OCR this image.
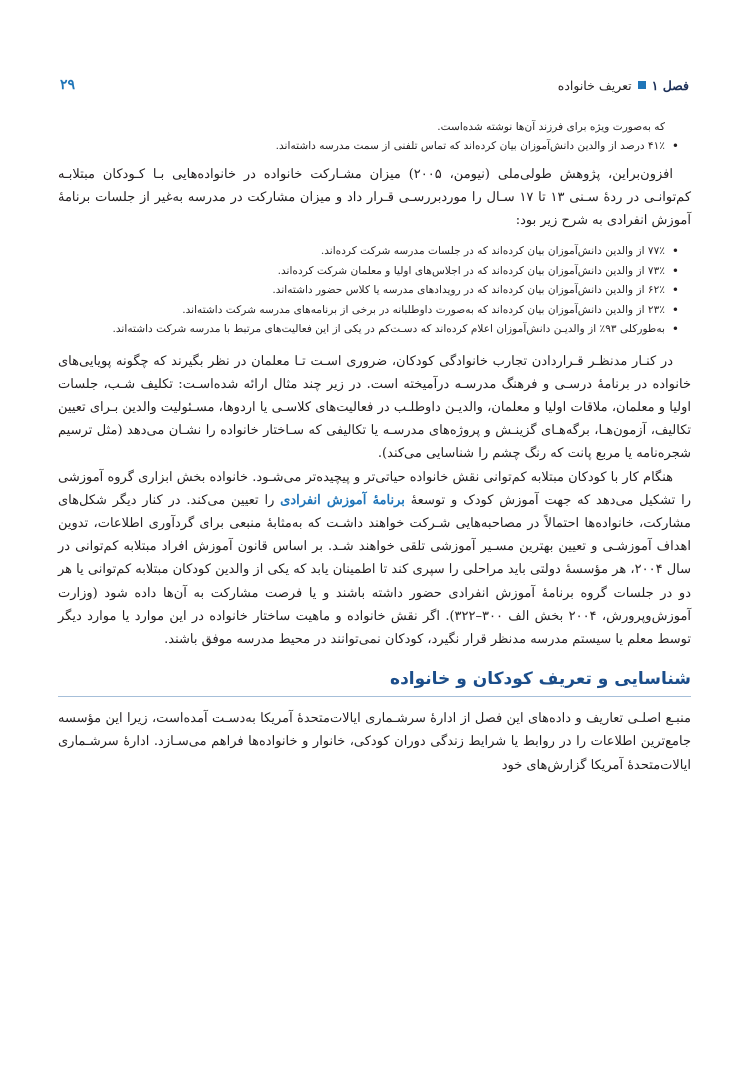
فصل ۱
تعریف خانواده
۲۹
که به‌صورت ویژه برای فرزند آن‌ها نوشته شده‌است.
• ۴۱٪ درصد از والدین دانش‌آموزان بیان کرده‌اند که تماس تلفنی از سمت مدرسه داشته‌اند.

افزون‌براین، پژوهش طولی‌ملی (نیومن، ۲۰۰۵) میزان مشـارکت خانواده در خانواده‌هایی بـا کـودکان مبتلابـه کم‌توانـی در ردهٔ سـنی ۱۳ تا ۱۷ سـال را موردبررسـی قـرار داد و میزان مشارکت در مدرسه به‌غیر از جلسات برنامهٔ آموزش انفرادی به شرح زیر بود:

• ۷۷٪ از والدین دانش‌آموزان بیان کرده‌اند که در جلسات مدرسه شرکت کرده‌اند.
• ۷۳٪ از والدین دانش‌آموزان بیان کرده‌اند که در اجلاس‌های اولیا و معلمان شرکت کرده‌اند.
• ۶۲٪ از والدین دانش‌آموزان بیان کرده‌اند که در رویدادهای مدرسه یا کلاس حضور داشته‌اند.
• ۲۳٪ از والدین دانش‌آموزان بیان کرده‌اند که به‌صورت داوطلبانه در برخی از برنامه‌های مدرسه شرکت داشته‌اند.
• به‌طورکلی ۹۳٪ از والدیـن دانش‌آموزان اعلام کرده‌اند که دسـت‌کم در یکی از این فعالیت‌های مرتبط با مدرسه شرکت داشته‌اند.

در کنـار مدنظـر قـراردادن تجارب خانوادگی کودکان، ضروری اسـت تـا معلمان در نظر بگیرند که چگونه پویایی‌های خانواده در برنامهٔ درسـی و فرهنگ مدرسـه درآمیخته است. در زیر چند مثال ارائه شده‌اسـت: تکلیف شـب، جلسات اولیا و معلمان، ملاقات اولیا و معلمان، والدیـن داوطلـب در فعالیت‌های کلاسـی یا اردوها، مسـئولیت والدین بـرای تعیین تکالیف، آزمون‌هـا، برگه‌هـای گزینـش و پروژه‌های مدرسـه یا تکالیفی که سـاختار خانواده را نشـان می‌دهد (مثل ترسیم شجره‌نامه یا مربع پانت که رنگ چشم را شناسایی می‌کند).

هنگام کار با کودکان مبتلابه کم‌توانی نقش خانواده حیاتی‌تر و پیچیده‌تر می‌شـود. خانواده بخش ابزاری گروه آموزشی را تشکیل می‌دهد که جهت آموزش کودک و توسعهٔ برنامهٔ آموزش انفرادی را تعیین می‌کند. در کنار دیگر شکل‌های مشارکت، خانواده‌ها احتمالاً در مصاحبه‌هایی شـرکت خواهند داشـت که به‌مثابهٔ منبعی برای گردآوری اطلاعات، تدوین اهداف آموزشـی و تعیین بهترین مسـیر آموزشی تلقی خواهند شـد. بر اساس قانون آموزش افراد مبتلابه کم‌توانی در سال ۲۰۰۴، هر مؤسسهٔ دولتی باید مراحلی را سپری کند تا اطمینان یابد که یکی از والدین کودکان مبتلابه کم‌توانی یا هر دو در جلسات گروه برنامهٔ آموزش انفرادی حضور داشته باشند و یا فرصت مشارکت به آن‌ها داده شود (وزارت آموزش‌وپرورش، ۲۰۰۴ بخش الف ۳۰۰–۳۲۲). اگر نقش خانواده و ماهیت ساختار خانواده در این موارد یا موارد دیگر توسط معلم یا سیستم مدرسه مدنظر قرار نگیرد، کودکان نمی‌توانند در محیط مدرسه موفق باشند.

شناسایی و تعریف کودکان و خانواده

منبـع اصلـی تعاریف و داده‌های این فصل از ادارهٔ سرشـماری ایالات‌متحدهٔ آمریکا به‌دسـت آمده‌است، زیرا این مؤسسه جامع‌ترین اطلاعات را در روابط یا شرایط زندگی دوران کودکی، خانوار و خانواده‌ها فراهم می‌سـازد. ادارهٔ سرشـماری ایالات‌متحدهٔ آمریکا گزارش‌های خود
